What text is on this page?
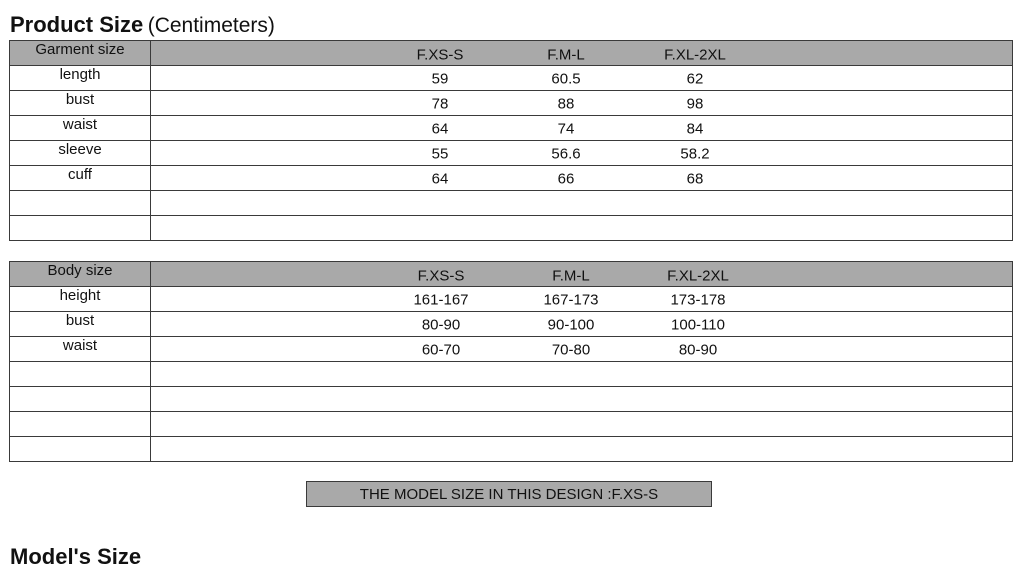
Product Size (Centimeters)
Garment size	F.XS-S F.M-L F.XL-2XL

length	59 60.5 62

bust	78 88 98

waist	64 74 84

sleeve	55 56.6 58.2

cuff	64 66 68

Body size	F.XS-S F.M-L F.XL-2XL

height	161-167 167-173 173-178

bust	80-90 90-100 100-110

waist	60-70 70-80 80-90

THE MODEL SIZE IN THIS DESIGN :F.XS-S
Model's Size
